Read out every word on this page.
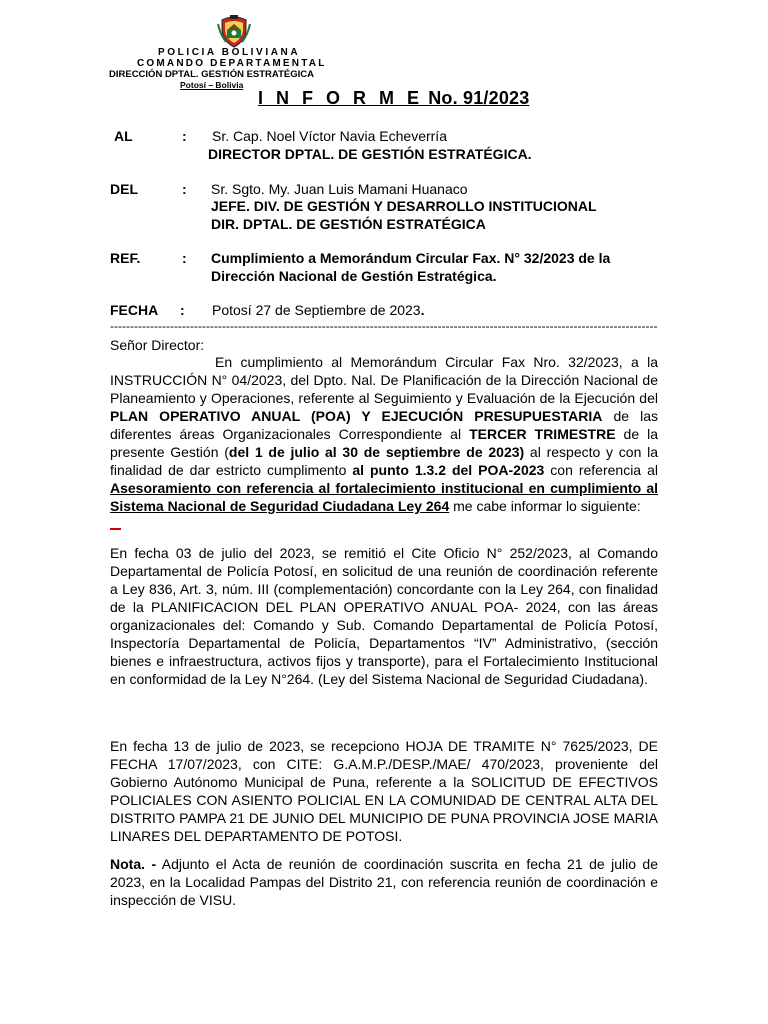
POLICIA BOLIVIANA
COMANDO DEPARTAMENTAL
DIRECCIÓN DPTAL. GESTIÓN ESTRATÉGICA
Potosí – Bolivia
I N F O R M E No. 91/2023
AL	: Sr. Cap. Noel Víctor Navia Echeverría
DIRECTOR DPTAL. DE GESTIÓN ESTRATÉGICA.
DEL	: Sr. Sgto. My. Juan Luis Mamani Huanaco
JEFE. DIV. DE GESTIÓN Y DESARROLLO INSTITUCIONAL
DIR. DPTAL. DE GESTIÓN ESTRATÉGICA
REF.	: Cumplimiento a Memorándum Circular Fax. N° 32/2023 de la
Dirección Nacional de Gestión Estratégica.
FECHA : Potosí 27 de Septiembre de 2023.
-----------------------------------------------------------------------------------------------------------------------------------------
Señor Director:
En cumplimiento al Memorándum Circular Fax Nro. 32/2023, a la INSTRUCCIÓN N° 04/2023, del Dpto. Nal. De Planificación de la Dirección Nacional de Planeamiento y Operaciones, referente al Seguimiento y Evaluación de la Ejecución del PLAN OPERATIVO ANUAL (POA) Y EJECUCIÓN PRESUPUESTARIA de las diferentes áreas Organizacionales Correspondiente al TERCER TRIMESTRE de la presente Gestión (del 1 de julio al 30 de septiembre de 2023) al respecto y con la finalidad de dar estricto cumplimento al punto 1.3.2 del POA-2023 con referencia al Asesoramiento con referencia al fortalecimiento institucional en cumplimiento al Sistema Nacional de Seguridad Ciudadana Ley 264 me cabe informar lo siguiente:
En fecha 03 de julio del 2023, se remitió el Cite Oficio N° 252/2023, al Comando Departamental de Policía Potosí, en solicitud de una reunión de coordinación referente a Ley 836, Art. 3, núm. III (complementación) concordante con la Ley 264, con finalidad de la PLANIFICACION DEL PLAN OPERATIVO ANUAL POA- 2024, con las áreas organizacionales del: Comando y Sub. Comando Departamental de Policía Potosí, Inspectoría Departamental de Policía, Departamentos “IV” Administrativo, (sección bienes e infraestructura, activos fijos y transporte), para el Fortalecimiento Institucional en conformidad de la Ley N°264. (Ley del Sistema Nacional de Seguridad Ciudadana).
En fecha 13 de julio de 2023, se recepciono HOJA DE TRAMITE N° 7625/2023, DE FECHA 17/07/2023, con CITE: G.A.M.P./DESP./MAE/ 470/2023, proveniente del Gobierno Autónomo Municipal de Puna, referente a la SOLICITUD DE EFECTIVOS POLICIALES CON ASIENTO POLICIAL EN LA COMUNIDAD DE CENTRAL ALTA DEL DISTRITO PAMPA 21 DE JUNIO DEL MUNICIPIO DE PUNA PROVINCIA JOSE MARIA LINARES DEL DEPARTAMENTO DE POTOSI.
Nota. - Adjunto el Acta de reunión de coordinación suscrita en fecha 21 de julio de 2023, en la Localidad Pampas del Distrito 21, con referencia reunión de coordinación e inspección de VISU.
